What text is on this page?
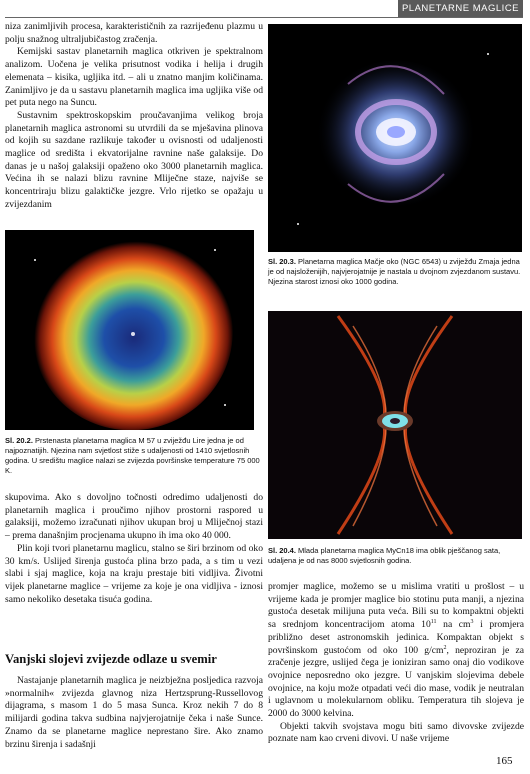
PLANETARNE MAGLICE

niza zanimljivih procesa, karakterističnih za razrijeđenu plazmu u polju snažnog ultraljubičastog zračenja.

Kemijski sastav planetarnih maglica otkriven je spektralnom analizom. Uočena je velika prisutnost vodika i helija i drugih elemenata – kisika, ugljika itd. – ali u znatno manjim količinama. Zanimljivo je da u sastavu planetarnih maglica ima ugljika više od pet puta nego na Suncu.

Sustavnim spektroskopskim proučavanjima velikog broja planetarnih maglica astronomi su utvrdili da se mješavina plinova od kojih su sazdane razlikuje također u ovisnosti od udaljenosti maglice od središta i ekvatorijalne ravnine naše galaksije. Do danas je u našoj galaksiji opaženo oko 3000 planetarnih maglica. Većina ih se nalazi blizu ravnine Mliječne staze, najviše se koncentriraju blizu galaktičke jezgre. Vrlo rijetko se opažaju u zvijezdanim

Sl. 20.2. Prstenasta planetarna maglica M 57 u zviježđu Lire jedna je od najpoznatijih. Njezina nam svjetlost stiže s udaljenosti od 1410 svjetlosnih godina. U središtu maglice nalazi se zvijezda površinske temperature 75 000 K.

skupovima. Ako s dovoljno točnosti odredimo udaljenosti do planetarnih maglica i proučimo njihov prostorni raspored u galaksiji, možemo izračunati njihov ukupan broj u Mliječnoj stazi – prema današnjim procjenama ukupno ih ima oko 40 000.

Plin koji tvori planetarnu maglicu, stalno se širi brzinom od oko 30 km/s. Uslijed širenja gustoća plina brzo pada, a s tim u vezi slabi i sjaj maglice, koja na kraju prestaje biti vidljiva. Životni vijek planetarne maglice – vrijeme za koje je ona vidljiva - iznosi samo nekoliko desetaka tisuća godina.

Vanjski slojevi zvijezde odlaze u svemir

Nastajanje planetarnih maglica je neizbježna posljedica razvoja »normalnih« zvijezda glavnog niza Hertzsprung-Russellovog dijagrama, s masom 1 do 5 masa Sunca. Kroz nekih 7 do 8 milijardi godina takva sudbina najvjerojatnije čeka i naše Sunce. Znamo da se planetarne maglice neprestano šire. Ako znamo brzinu širenja i sadašnji

Sl. 20.3. Planetarna maglica Mačje oko (NGC 6543) u zviježđu Zmaja jedna je od najsloženijih, najvjerojatnije je nastala u dvojnom zvjezdanom sustavu. Njezina starost iznosi oko 1000 godina.
Sl. 20.4. Mlada planetarna maglica MyCn18 ima oblik pješčanog sata, udaljena je od nas 8000 svjetlosnih godina.

promjer maglice, možemo se u mislima vratiti u prošlost – u vrijeme kada je promjer maglice bio stotinu puta manji, a njezina gustoća desetak milijuna puta veća. Bili su to kompaktni objekti sa srednjom koncentracijom atoma $10^{11}$ na $cm^3$ i promjera približno deset astronomskih jedinica. Kompaktan objekt s površinskom gustoćom od oko 100 $g/cm^2$, neproziran je za zračenje jezgre, uslijed čega je ioniziran samo onaj dio vodikove ovojnice neposredno oko jezgre. U vanjskim slojevima debele ovojnice, na koju može otpadati veći dio mase, vodik je neutralan i uglavnom u molekularnom obliku. Temperatura tih slojeva je 2000 do 3000 kelvina.

Objekti takvih svojstava mogu biti samo divovske zvijezde poznate nam kao crveni divovi. U naše vrijeme

165
